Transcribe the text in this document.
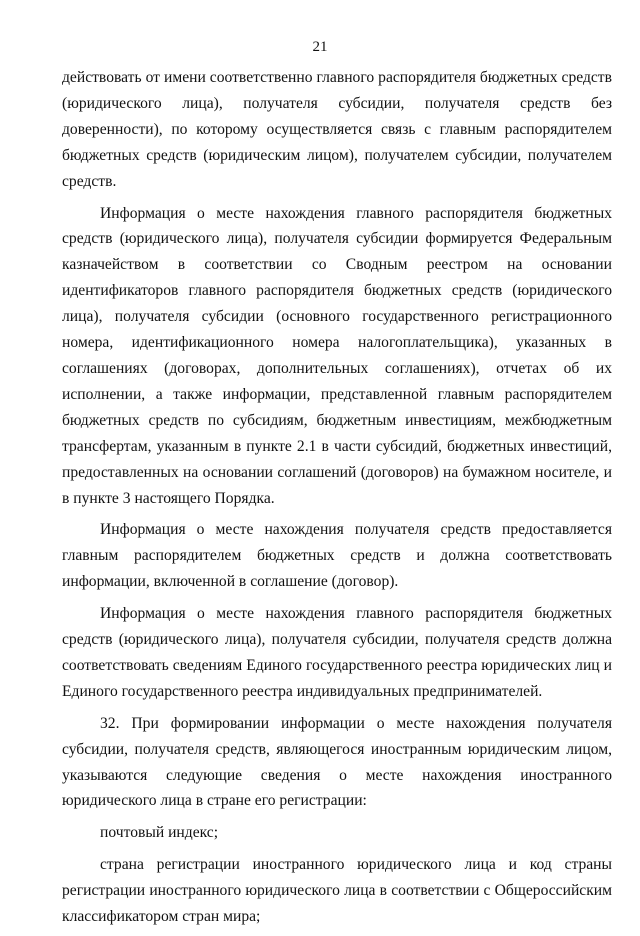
21

действовать от имени соответственно главного распорядителя бюджетных средств (юридического лица), получателя субсидии, получателя средств без доверенности), по которому осуществляется связь с главным распорядителем бюджетных средств (юридическим лицом), получателем субсидии, получателем средств.

Информация о месте нахождения главного распорядителя бюджетных средств (юридического лица), получателя субсидии формируется Федеральным казначейством в соответствии со Сводным реестром на основании идентификаторов главного распорядителя бюджетных средств (юридического лица), получателя субсидии (основного государственного регистрационного номера, идентификационного номера налогоплательщика), указанных в соглашениях (договорах, дополнительных соглашениях), отчетах об их исполнении, а также информации, представленной главным распорядителем бюджетных средств по субсидиям, бюджетным инвестициям, межбюджетным трансфертам, указанным в пункте 2.1 в части субсидий, бюджетных инвестиций, предоставленных на основании соглашений (договоров) на бумажном носителе, и в пункте 3 настоящего Порядка.

Информация о месте нахождения получателя средств предоставляется главным распорядителем бюджетных средств и должна соответствовать информации, включенной в соглашение (договор).

Информация о месте нахождения главного распорядителя бюджетных средств (юридического лица), получателя субсидии, получателя средств должна соответствовать сведениям Единого государственного реестра юридических лиц и Единого государственного реестра индивидуальных предпринимателей.

32. При формировании информации о месте нахождения получателя субсидии, получателя средств, являющегося иностранным юридическим лицом, указываются следующие сведения о месте нахождения иностранного юридического лица в стране его регистрации:

почтовый индекс;

страна регистрации иностранного юридического лица и код страны регистрации иностранного юридического лица в соответствии с Общероссийским классификатором стран мира;
